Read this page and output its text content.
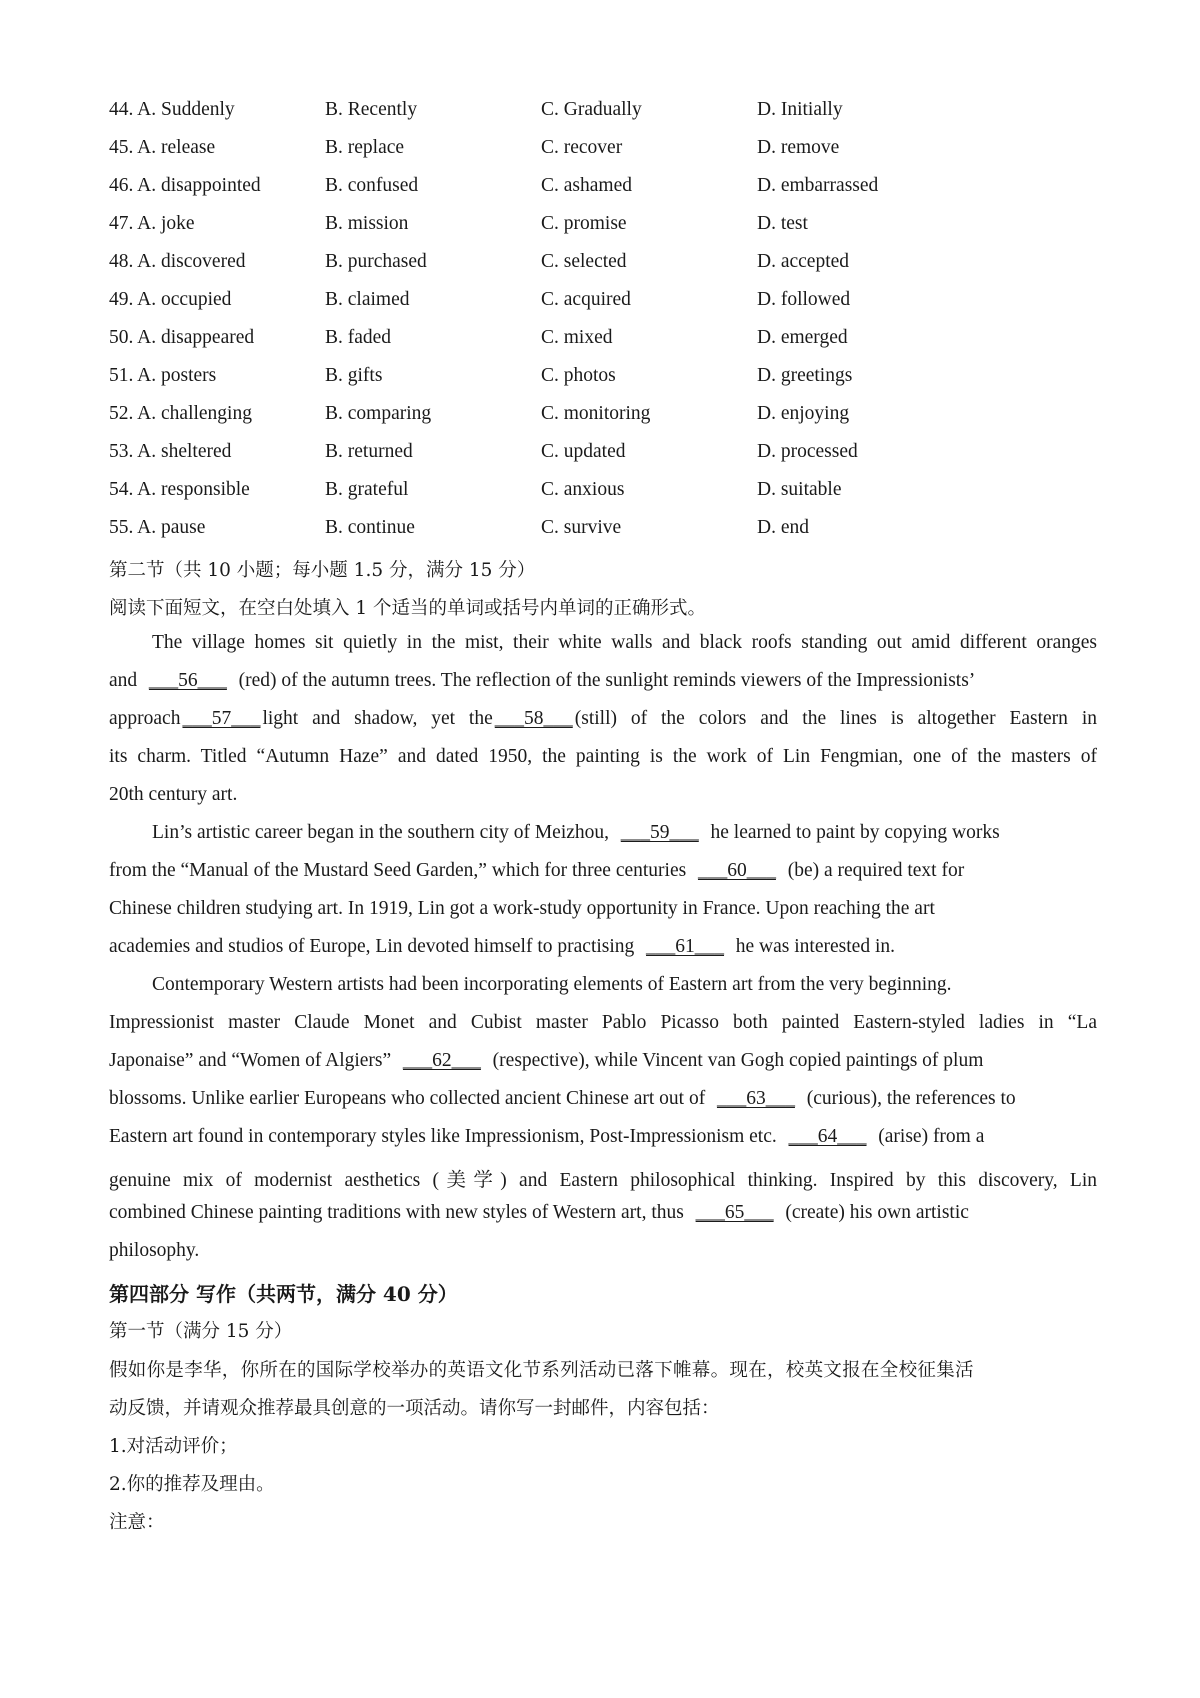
44. A. Suddenly	B. Recently	C. Gradually	D. Initially
45. A. release	B. replace	C. recover	D. remove
46. A. disappointed	B. confused	C. ashamed	D. embarrassed
47. A. joke	B. mission	C. promise	D. test
48. A. discovered	B. purchased	C. selected	D. accepted
49. A. occupied	B. claimed	C. acquired	D. followed
50. A. disappeared	B. faded	C. mixed	D. emerged
51. A. posters	B. gifts	C. photos	D. greetings
52. A. challenging	B. comparing	C. monitoring	D. enjoying
53. A. sheltered	B. returned	C. updated	D. processed
54. A. responsible	B. grateful	C. anxious	D. suitable
55. A. pause	B. continue	C. survive	D. end
第二节（共 10 小题；每小题 1.5 分，满分 15 分）
阅读下面短文，在空白处填入 1 个适当的单词或括号内单词的正确形式。
The village homes sit quietly in the mist, their white walls and black roofs standing out amid different oranges
and ___56___ (red) of the autumn trees. The reflection of the sunlight reminds viewers of the Impressionists’
approach ___57___ light and shadow, yet the ___58___ (still) of the colors and the lines is altogether Eastern in
its charm. Titled “Autumn Haze” and dated 1950, the painting is the work of Lin Fengmian, one of the masters of
20th century art.
Lin’s artistic career began in the southern city of Meizhou, ___59___ he learned to paint by copying works
from the “Manual of the Mustard Seed Garden,” which for three centuries ___60___ (be) a required text for
Chinese children studying art. In 1919, Lin got a work-study opportunity in France. Upon reaching the art
academies and studios of Europe, Lin devoted himself to practising ___61___ he was interested in.
Contemporary Western artists had been incorporating elements of Eastern art from the very beginning.
Impressionist master Claude Monet and Cubist master Pablo Picasso both painted Eastern-styled ladies in “La
Japonaise” and “Women of Algiers” ___62___ (respective), while Vincent van Gogh copied paintings of plum
blossoms. Unlike earlier Europeans who collected ancient Chinese art out of ___63___ (curious), the references to
Eastern art found in contemporary styles like Impressionism, Post-Impressionism etc. ___64___ (arise) from a
genuine mix of modernist aesthetics (美学) and Eastern philosophical thinking. Inspired by this discovery, Lin
combined Chinese painting traditions with new styles of Western art, thus ___65___ (create) his own artistic
philosophy.
第四部分 写作（共两节，满分 40 分）
第一节（满分 15 分）
假如你是李华，你所在的国际学校举办的英语文化节系列活动已落下帷幕。现在，校英文报在全校征集活
动反馈，并请观众推荐最具创意的一项活动。请你写一封邮件，内容包括：
1.对活动评价；
2.你的推荐及理由。
注意：
